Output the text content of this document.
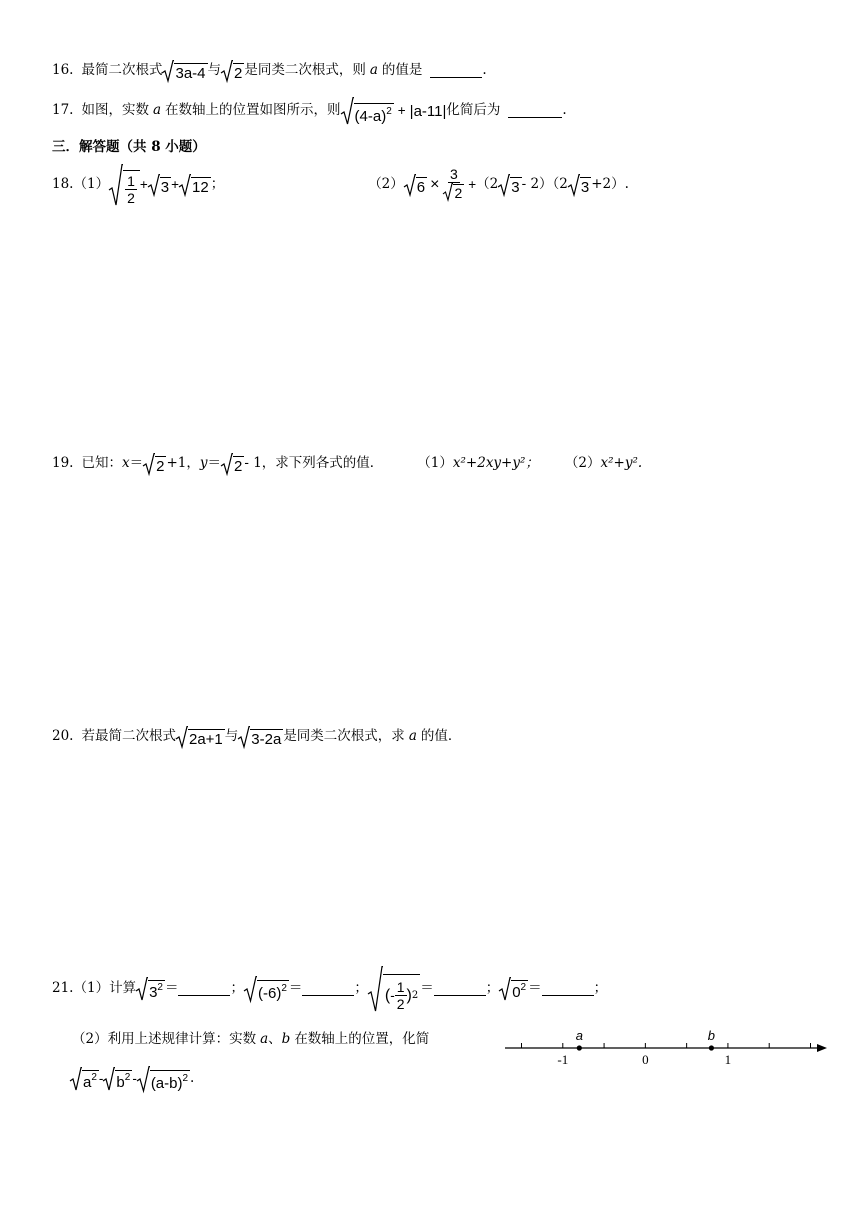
16. 最简二次根式 3a-4 与 2 是同类二次根式，则 a 的值是	.
17. 如图，实数 a 在数轴上的位置如图所示，则 $(4-a)^2 + |a-11|$ 化简后为	.
三．解答题（共 8 小题）
18. $(1) \frac{1}{2} + 3 + 12$ ；	（2） $6 \times \frac{3}{2} + (2$ 3 - 2）（2 3 +2）.
19. 已知： x ＝ 2 +1， y ＝ 2 - 1，求下列各式的值．	（1） x²+2xy+y²； （2） x²+y².
20. 若最简二次根式 2a+1 与 3-2a 是同类二次根式，求 a 的值．
21. （1）计算 $3^2$ ＝	； $(-6)^2$ ＝	； ( - $\frac{1}{2}$ ) 2 ＝	； $0^2$ ＝	；
（2）利用上述规律计算：实数 a 、 b 在数轴上的位置，化简
-1	0	1
a	b
$a^2 - b^2 - (a-b)^2$ .
